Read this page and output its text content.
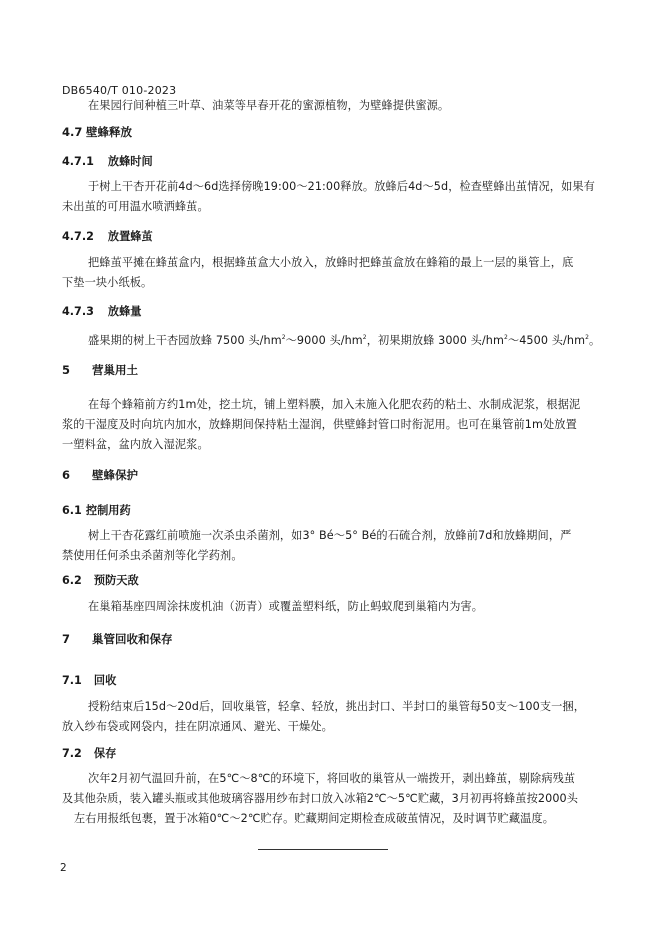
DB6540/T 010-2023
在果园行间种植三叶草、油菜等早春开花的蜜源植物，为壁蜂提供蜜源。
4.7 壁蜂释放
4.7.1 放蜂时间
于树上干杏开花前4d～6d选择傍晚19:00～21:00释放。放蜂后4d～5d，检查壁蜂出茧情况，如果有
未出茧的可用温水喷洒蜂茧。
4.7.2 放置蜂茧
把蜂茧平摊在蜂茧盒内，根据蜂茧盒大小放入，放蜂时把蜂茧盒放在蜂箱的最上一层的巢管上，底
下垫一块小纸板。
4.7.3 放蜂量
盛果期的树上干杏园放蜂 7500 头$/hm^2\sim 9000$ 头$/hm^2$，初果期放蜂 3000 头$/hm^2\sim 4500$ 头$/hm^2$。
5 营巢用土
在每个蜂箱前方约1m处，挖土坑，铺上塑料膜，加入未施入化肥农药的粘土、水制成泥浆，根据泥
浆的干湿度及时向坑内加水，放蜂期间保持粘土湿润，供壁蜂封管口时衔泥用。也可在巢管前1m处放置
一塑料盆，盆内放入湿泥浆。
6 壁蜂保护
6.1 控制用药
树上干杏花露红前喷施一次杀虫杀菌剂，如3° Bé～5° Bé的石硫合剂，放蜂前7d和放蜂期间，严
禁使用任何杀虫杀菌剂等化学药剂。
6.2 预防天敌
在巢箱基座四周涂抹废机油（沥青）或覆盖塑料纸，防止蚂蚁爬到巢箱内为害。
7 巢管回收和保存
7.1 回收
授粉结束后15d～20d后，回收巢管，轻拿、轻放，挑出封口、半封口的巢管每50支～100支一捆，
放入纱布袋或网袋内，挂在阴凉通风、避光、干燥处。
7.2 保存
次年2月初气温回升前，在5℃～8℃的环境下，将回收的巢管从一端拨开，剥出蜂茧，剔除病残茧
及其他杂质，装入罐头瓶或其他玻璃容器用纱布封口放入冰箱2℃～5℃贮藏，3月初再将蜂茧按2000头
左右用报纸包裹，置于冰箱0℃～2℃贮存。贮藏期间定期检查成破茧情况，及时调节贮藏温度。
2
